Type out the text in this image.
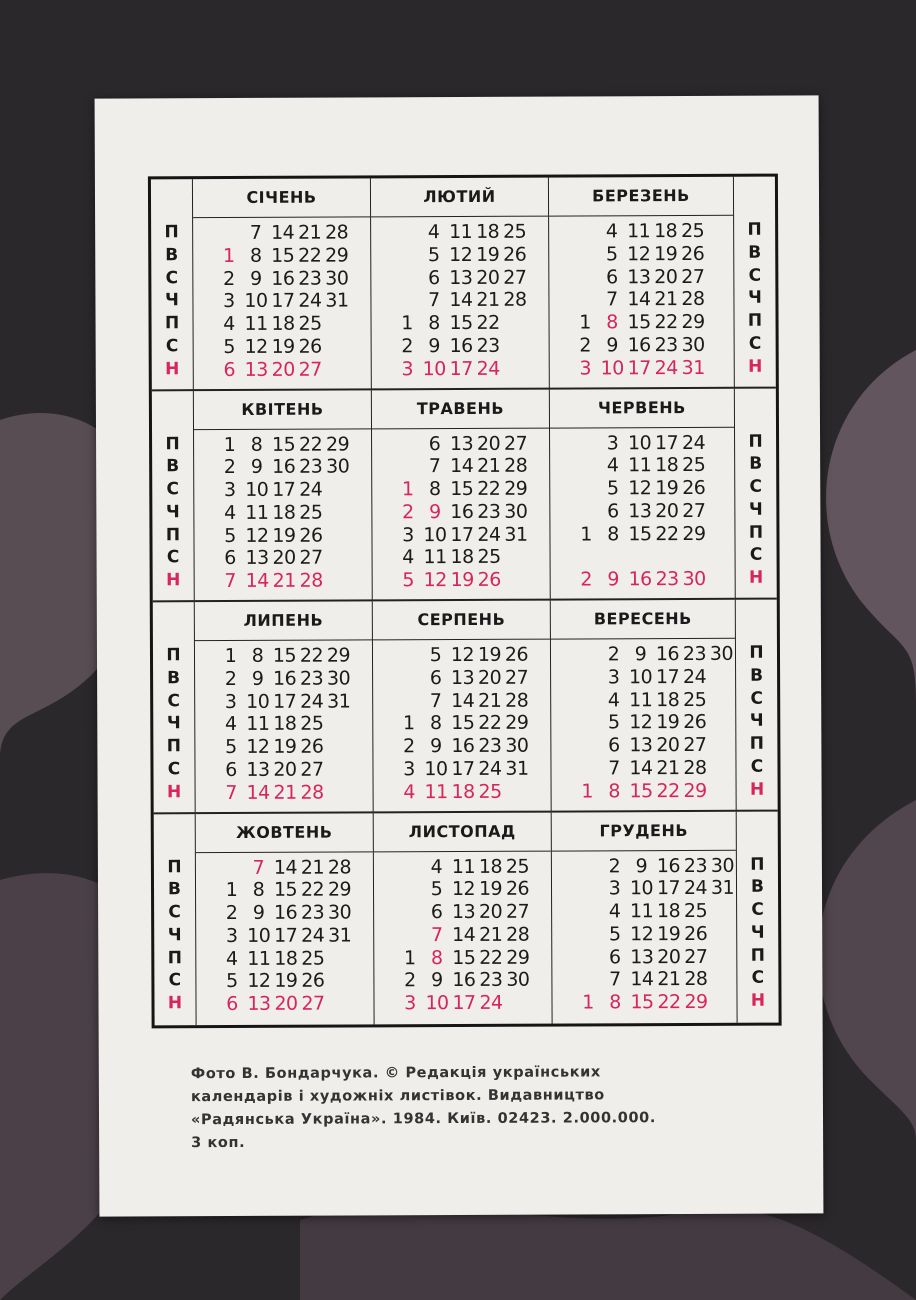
П
В
С
Ч
П
С
Н
СІЧЕНЬ
7 14 21 28
1 8 15 22 29
2 9 16 23 30
3 10 17 24 31
4 11 18 25
5 12 19 26
6 13 20 27
ЛЮТИЙ
4 11 18 25
5 12 19 26
6 13 20 27
7 14 21 28
1 8 15 22
2 9 16 23
3 10 17 24
БЕРЕЗЕНЬ
4 11 18 25
5 12 19 26
6 13 20 27
7 14 21 28
1 8 15 22 29
2 9 16 23 30
3 10 17 24 31
П
В
С
Ч
П
С
Н
П
В
С
Ч
П
С
Н
КВІТЕНЬ
1 8 15 22 29
2 9 16 23 30
3 10 17 24
4 11 18 25
5 12 19 26
6 13 20 27
7 14 21 28
ТРАВЕНЬ
6 13 20 27
7 14 21 28
1 8 15 22 29
2 9 16 23 30
3 10 17 24 31
4 11 18 25
5 12 19 26
ЧЕРВЕНЬ
3 10 17 24
4 11 18 25
5 12 19 26
6 13 20 27
1 8 15 22 29
2 9 16 23 30
П
В
С
Ч
П
С
Н
П
В
С
Ч
П
С
Н
ЛИПЕНЬ
1 8 15 22 29
2 9 16 23 30
3 10 17 24 31
4 11 18 25
5 12 19 26
6 13 20 27
7 14 21 28
СЕРПЕНЬ
5 12 19 26
6 13 20 27
7 14 21 28
1 8 15 22 29
2 9 16 23 30
3 10 17 24 31
4 11 18 25
ВЕРЕСЕНЬ
2 9 16 23 30
3 10 17 24
4 11 18 25
5 12 19 26
6 13 20 27
7 14 21 28
1 8 15 22 29
П
В
С
Ч
П
С
Н
П
В
С
Ч
П
С
Н
ЖОВТЕНЬ
7 14 21 28
1 8 15 22 29
2 9 16 23 30
3 10 17 24 31
4 11 18 25
5 12 19 26
6 13 20 27
ЛИСТОПАД
4 11 18 25
5 12 19 26
6 13 20 27
7 14 21 28
1 8 15 22 29
2 9 16 23 30
3 10 17 24
ГРУДЕНЬ
2 9 16 23 30
3 10 17 24 31
4 11 18 25
5 12 19 26
6 13 20 27
7 14 21 28
1 8 15 22 29
П
В
С
Ч
П
С
Н
Фото В. Бондарчука. © Редакція українських
календарів і художніх листівок. Видавництво
«Радянська Україна». 1984. Київ. 02423. 2.000.000.
3 коп.
